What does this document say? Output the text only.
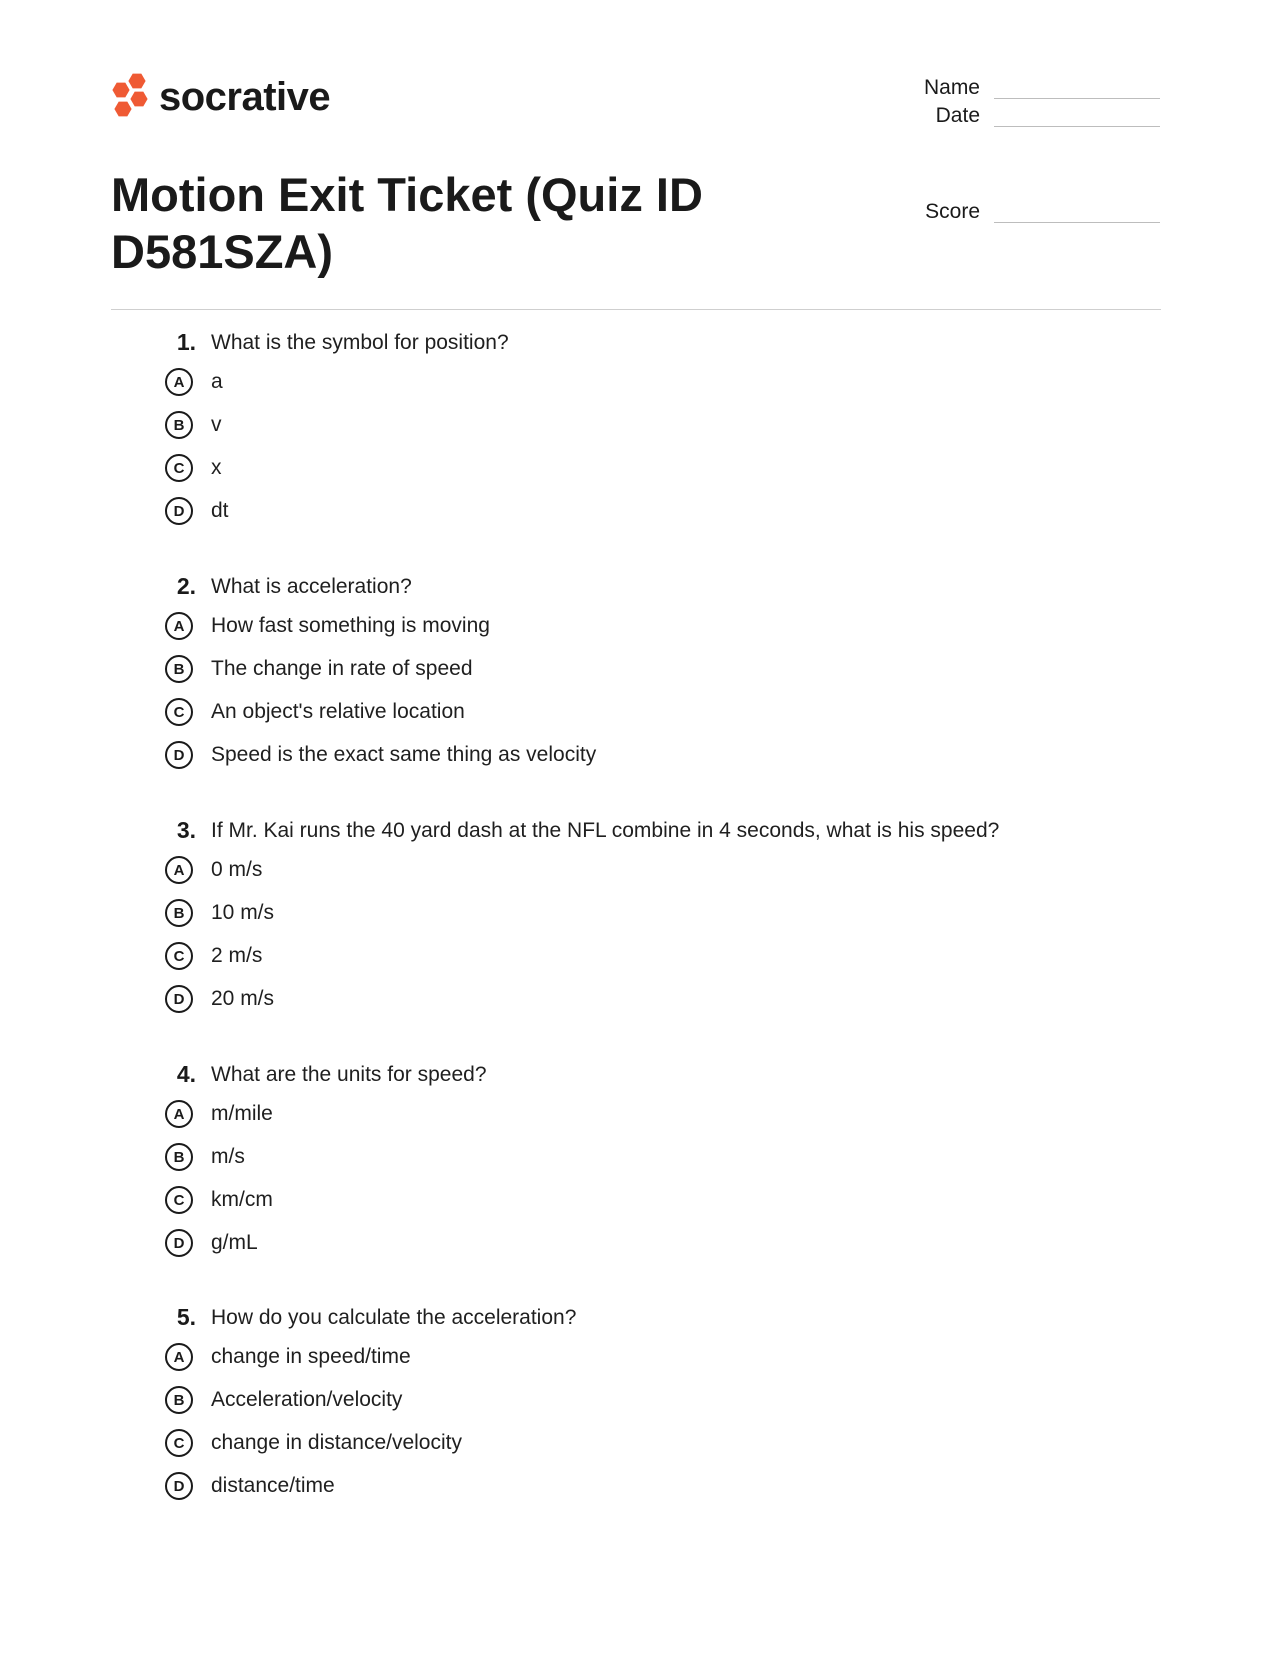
socrative	Name
Date
Score
Motion Exit Ticket (Quiz ID D581SZA)
1. What is the symbol for position?
A	a
B	v
C	x
D	dt
2. What is acceleration?
A	How fast something is moving
B	The change in rate of speed
C	An object's relative location
D	Speed is the exact same thing as velocity
3. If Mr. Kai runs the 40 yard dash at the NFL combine in 4 seconds, what is his speed?
A	0 m/s
B	10 m/s
C	2 m/s
D	20 m/s
4. What are the units for speed?
A	m/mile
B	m/s
C	km/cm
D	g/mL
5. How do you calculate the acceleration?
A	change in speed/time
B	Acceleration/velocity
C	change in distance/velocity
D	distance/time
